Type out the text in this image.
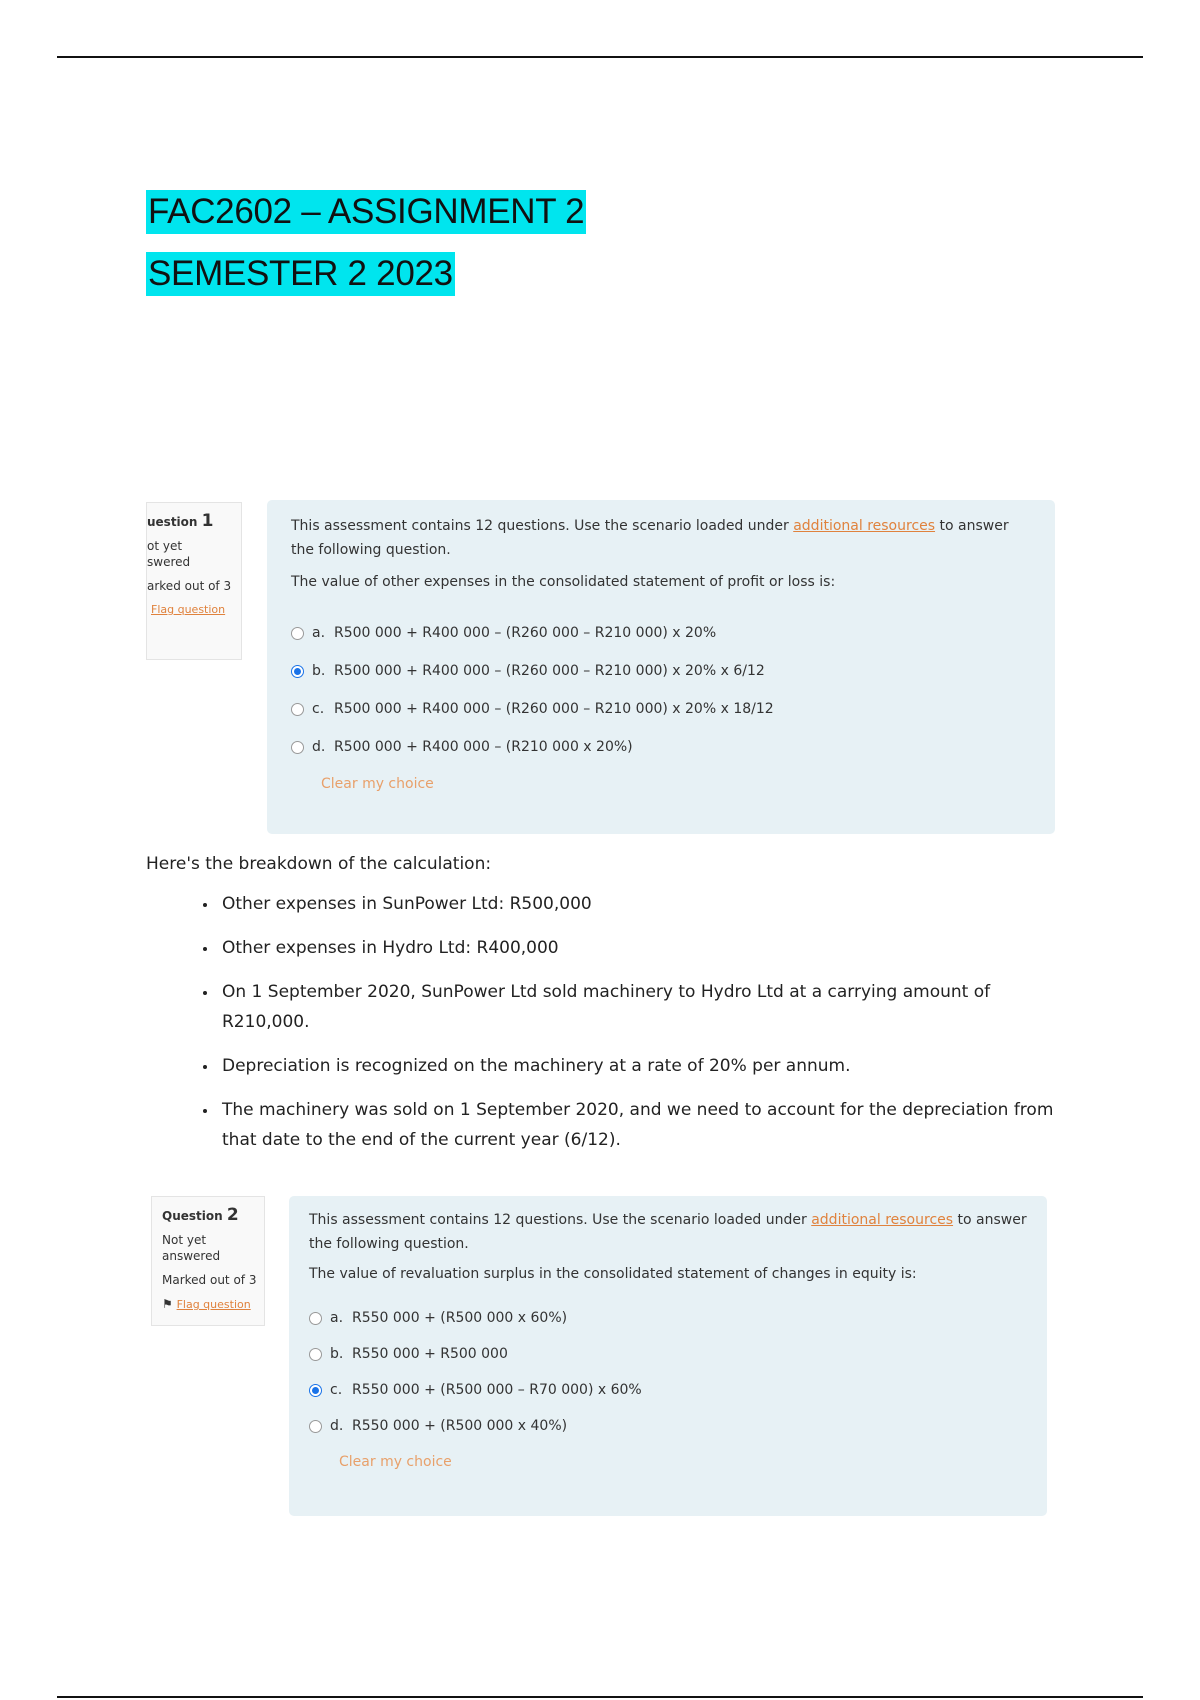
FAC2602 – ASSIGNMENT 2
SEMESTER 2 2023
uestion 1
ot yet
swered
arked out of 3
Flag question
This assessment contains 12 questions. Use the scenario loaded under additional resources to answer the following question.
The value of other expenses in the consolidated statement of profit or loss is:
a. R500 000 + R400 000 – (R260 000 – R210 000) x 20%
b. R500 000 + R400 000 – (R260 000 – R210 000) x 20% x 6/12
c. R500 000 + R400 000 – (R260 000 – R210 000) x 20% x 18/12
d. R500 000 + R400 000 – (R210 000 x 20%)
Clear my choice

Here's the breakdown of the calculation:

• Other expenses in SunPower Ltd: R500,000
• Other expenses in Hydro Ltd: R400,000
• On 1 September 2020, SunPower Ltd sold machinery to Hydro Ltd at a carrying amount of R210,000.
• Depreciation is recognized on the machinery at a rate of 20% per annum.
• The machinery was sold on 1 September 2020, and we need to account for the depreciation from that date to the end of the current year (6/12).
Question 2
Not yet
answered
Marked out of 3
⚑ Flag question
This assessment contains 12 questions. Use the scenario loaded under additional resources to answer the following question.
The value of revaluation surplus in the consolidated statement of changes in equity is:
a. R550 000 + (R500 000 x 60%)
b. R550 000 + R500 000
c. R550 000 + (R500 000 – R70 000) x 60%
d. R550 000 + (R500 000 x 40%)
Clear my choice
